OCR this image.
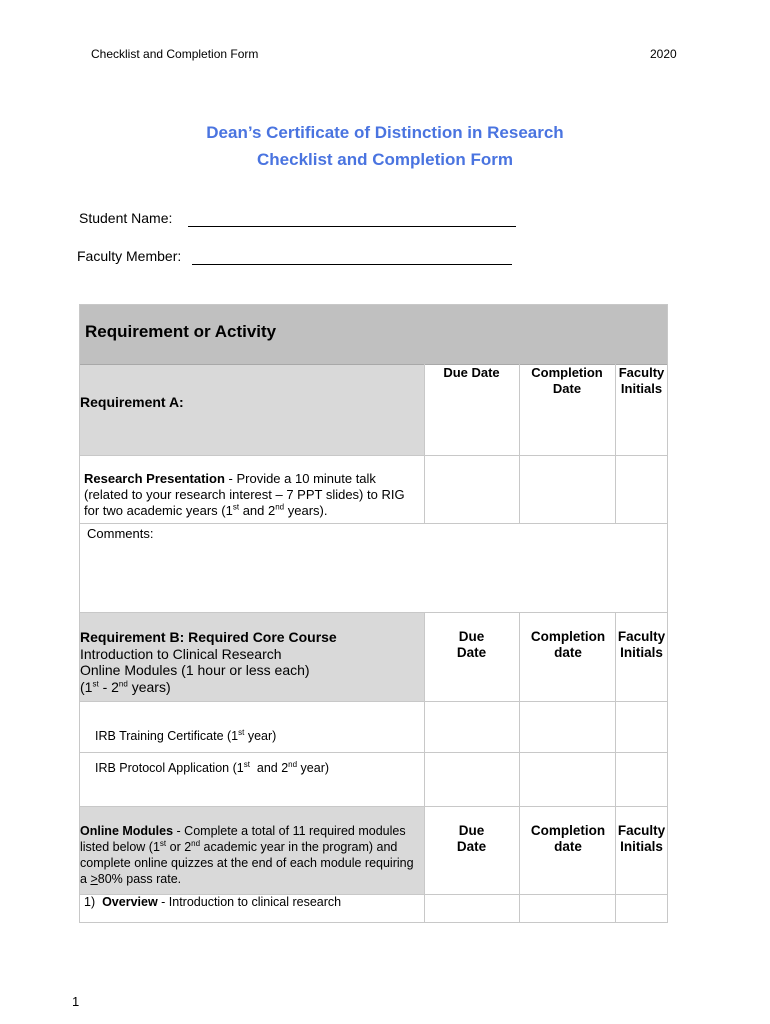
Checklist and Completion Form	2020
Dean’s Certificate of Distinction in Research
Checklist and Completion Form
Student Name:
Faculty Member:
Requirement or Activity
Requirement A:
Due Date	Completion Date
Faculty Initials
Research Presentation - Provide a 10 minute talk (related to your research interest – 7 PPT slides) to RIG for two academic years (1st and 2nd years).
Comments:
Requirement B: Required Core Course
Introduction to Clinical Research
Online Modules (1 hour or less each)
(1st - 2nd years)
Due
Date
Completion
date
Faculty
Initials
IRB Training Certificate (1st year)
IRB Protocol Application (1st  and 2nd year)
Online Modules - Complete a total of 11 required modules listed below (1st or 2nd academic year in the program) and complete online quizzes at the end of each module requiring a >80% pass rate.
Due
Date
Completion
date
Faculty
Initials
1) Overview - Introduction to clinical research
1
